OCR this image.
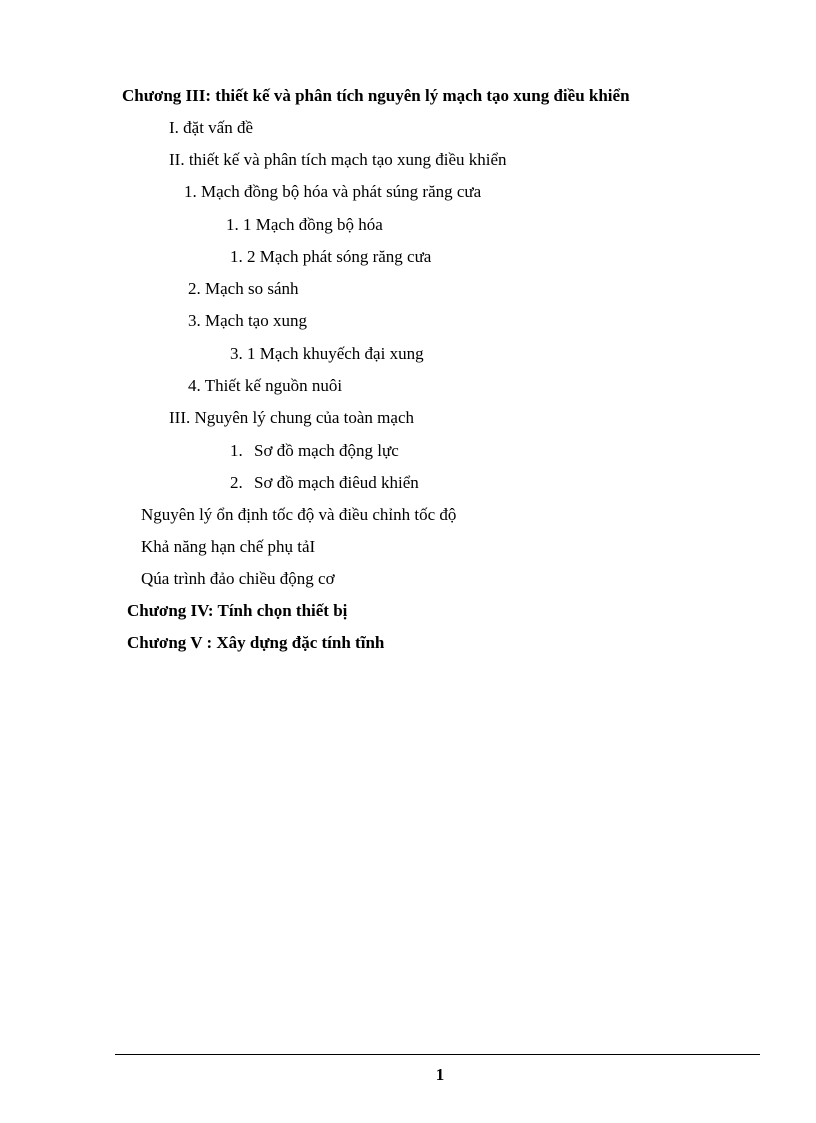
Chương III: thiết kế và phân tích nguyên lý mạch tạo xung điều khiển
I. đặt vấn đề
II. thiết kế và phân tích mạch tạo xung điều khiển
1. Mạch đồng bộ hóa và phát súng răng cưa
1. 1 Mạch đồng bộ hóa
1. 2 Mạch phát sóng răng cưa
2. Mạch so sánh
3. Mạch tạo xung
3. 1 Mạch khuyếch đại xung
4. Thiết kế nguồn nuôi
III. Nguyên lý chung của toàn mạch
1. Sơ đồ mạch động lực
2. Sơ đồ mạch điêud khiển
Nguyên lý ổn định tốc độ và điều chỉnh tốc độ
Khả năng hạn chế phụ tảI
Qúa trình đảo chiều động cơ
Chương IV: Tính chọn thiết bị
Chương V : Xây dựng đặc tính tĩnh
1
